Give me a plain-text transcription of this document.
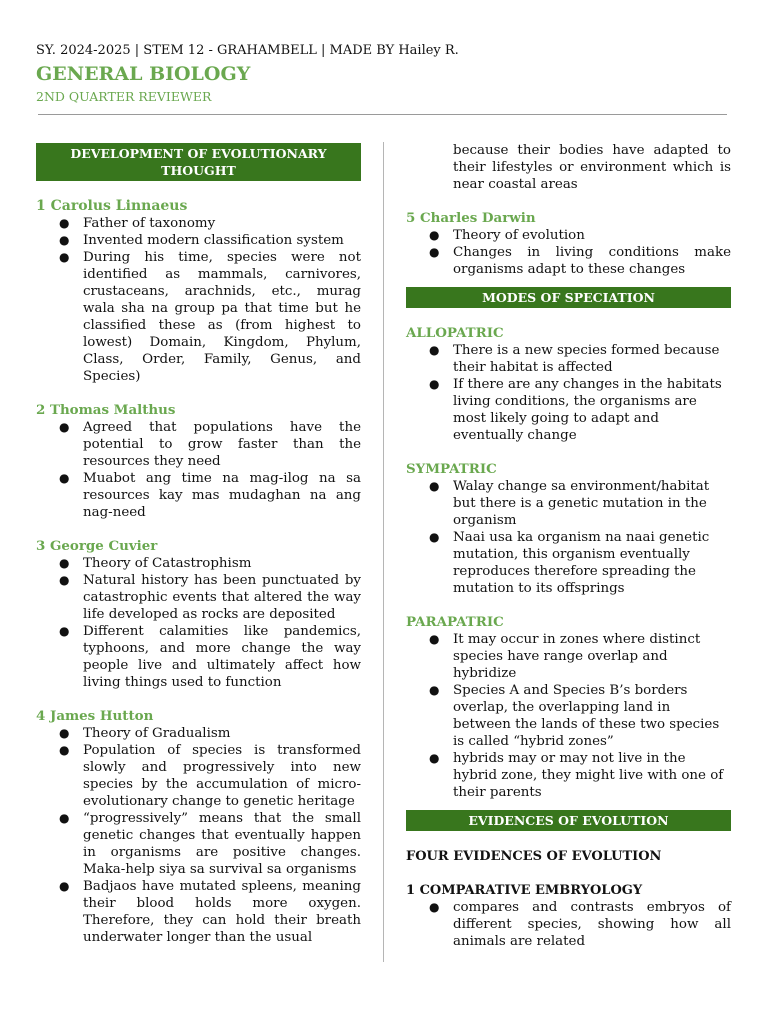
SY. 2024-2025 | STEM 12 - GRAHAMBELL | MADE BY Hailey R.
GENERAL BIOLOGY
2ND QUARTER REVIEWER
DEVELOPMENT OF EVOLUTIONARY THOUGHT
1 Carolus Linnaeus
● Father of taxonomy
● Invented modern classification system
● During his time, species were not identified as mammals, carnivores, crustaceans, arachnids, etc., murag wala sha na group pa that time but he classified these as (from highest to lowest) Domain, Kingdom, Phylum, Class, Order, Family, Genus, and Species)
2 Thomas Malthus
● Agreed that populations have the potential to grow faster than the resources they need
● Muabot ang time na mag-ilog na sa resources kay mas mudaghan na ang nag-need
3 George Cuvier
● Theory of Catastrophism
● Natural history has been punctuated by catastrophic events that altered the way life developed as rocks are deposited
● Different calamities like pandemics, typhoons, and more change the way people live and ultimately affect how living things used to function
4 James Hutton
● Theory of Gradualism
● Population of species is transformed slowly and progressively into new species by the accumulation of micro-evolutionary change to genetic heritage
● “progressively” means that the small genetic changes that eventually happen in organisms are positive changes. Maka-help siya sa survival sa organisms
● Badjaos have mutated spleens, meaning their blood holds more oxygen. Therefore, they can hold their breath underwater longer than the usual
because their bodies have adapted to their lifestyles or environment which is near coastal areas
5 Charles Darwin
● Theory of evolution
● Changes in living conditions make organisms adapt to these changes
MODES OF SPECIATION
ALLOPATRIC
● There is a new species formed because their habitat is affected
● If there are any changes in the habitats living conditions, the organisms are most likely going to adapt and eventually change
SYMPATRIC
● Walay change sa environment/habitat but there is a genetic mutation in the organism
● Naai usa ka organism na naai genetic mutation, this organism eventually reproduces therefore spreading the mutation to its offsprings
PARAPATRIC
● It may occur in zones where distinct species have range overlap and hybridize
● Species A and Species B’s borders overlap, the overlapping land in between the lands of these two species is called “hybrid zones”
● hybrids may or may not live in the hybrid zone, they might live with one of their parents
EVIDENCES OF EVOLUTION
FOUR EVIDENCES OF EVOLUTION
1 COMPARATIVE EMBRYOLOGY
● compares and contrasts embryos of different species, showing how all animals are related
